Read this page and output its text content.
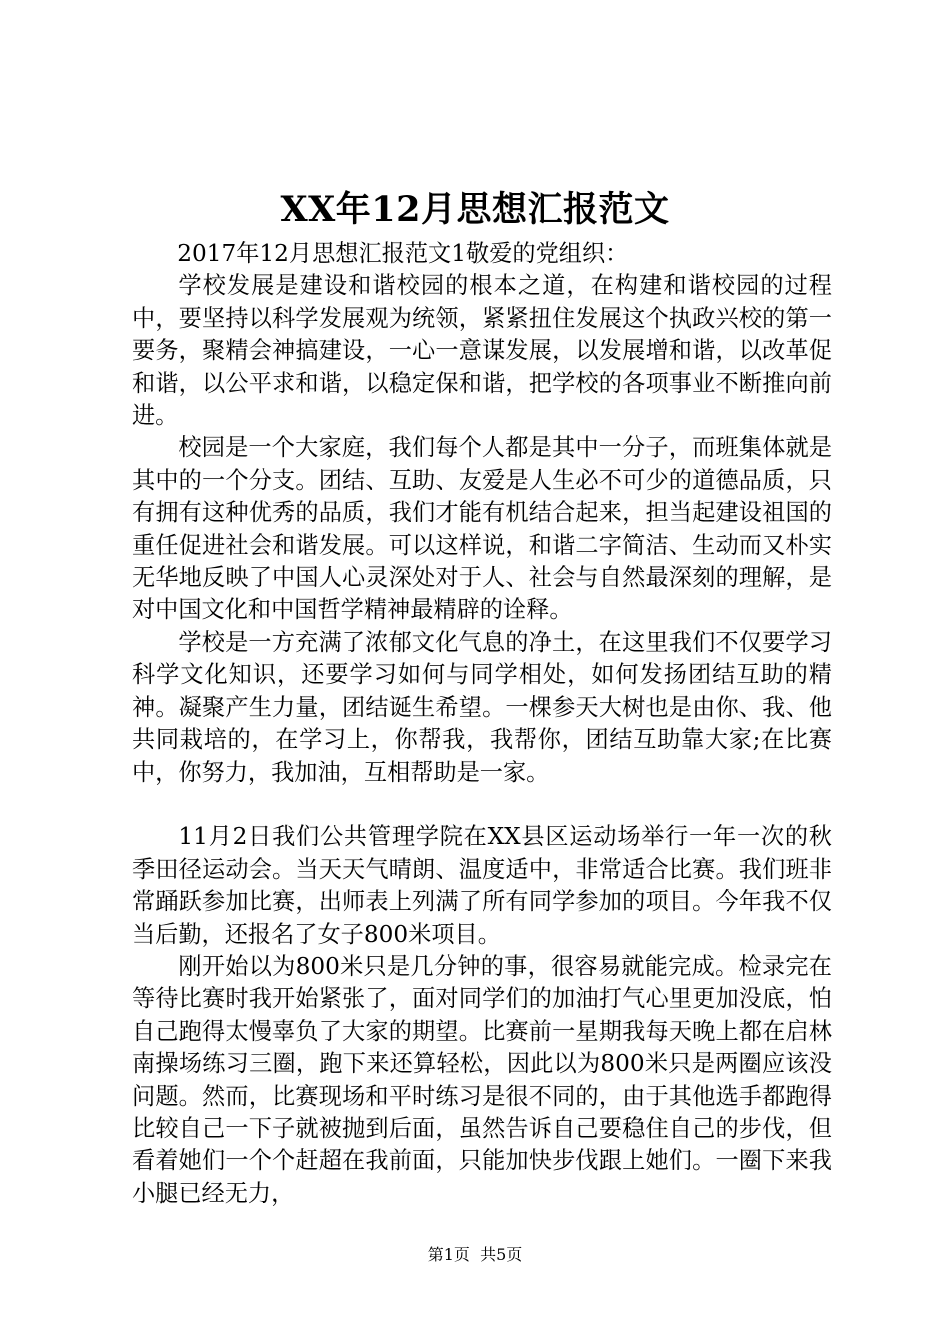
XX年12月思想汇报范文

2017年12月思想汇报范文1敬爱的党组织：

学校发展是建设和谐校园的根本之道，在构建和谐校园的过程中，要坚持以科学发展观为统领，紧紧扭住发展这个执政兴校的第一要务，聚精会神搞建设，一心一意谋发展，以发展增和谐，以改革促和谐，以公平求和谐，以稳定保和谐，把学校的各项事业不断推向前进。

校园是一个大家庭，我们每个人都是其中一分子，而班集体就是其中的一个分支。团结、互助、友爱是人生必不可少的道德品质，只有拥有这种优秀的品质，我们才能有机结合起来，担当起建设祖国的重任促进社会和谐发展。可以这样说，和谐二字简洁、生动而又朴实无华地反映了中国人心灵深处对于人、社会与自然最深刻的理解，是对中国文化和中国哲学精神最精辟的诠释。

学校是一方充满了浓郁文化气息的净土，在这里我们不仅要学习科学文化知识，还要学习如何与同学相处，如何发扬团结互助的精神。凝聚产生力量，团结诞生希望。一棵参天大树也是由你、我、他共同栽培的，在学习上，你帮我，我帮你，团结互助靠大家;在比赛中，你努力，我加油，互相帮助是一家。

11月2日我们公共管理学院在XX县区运动场举行一年一次的秋季田径运动会。当天天气晴朗、温度适中，非常适合比赛。我们班非常踊跃参加比赛，出师表上列满了所有同学参加的项目。今年我不仅当后勤，还报名了女子800米项目。

刚开始以为800米只是几分钟的事，很容易就能完成。检录完在等待比赛时我开始紧张了，面对同学们的加油打气心里更加没底，怕自己跑得太慢辜负了大家的期望。比赛前一星期我每天晚上都在启林南操场练习三圈，跑下来还算轻松，因此以为800米只是两圈应该没问题。然而，比赛现场和平时练习是很不同的，由于其他选手都跑得比较自己一下子就被抛到后面，虽然告诉自己要稳住自己的步伐，但看着她们一个个赶超在我前面，只能加快步伐跟上她们。一圈下来我小腿已经无力，

第1页 共5页
